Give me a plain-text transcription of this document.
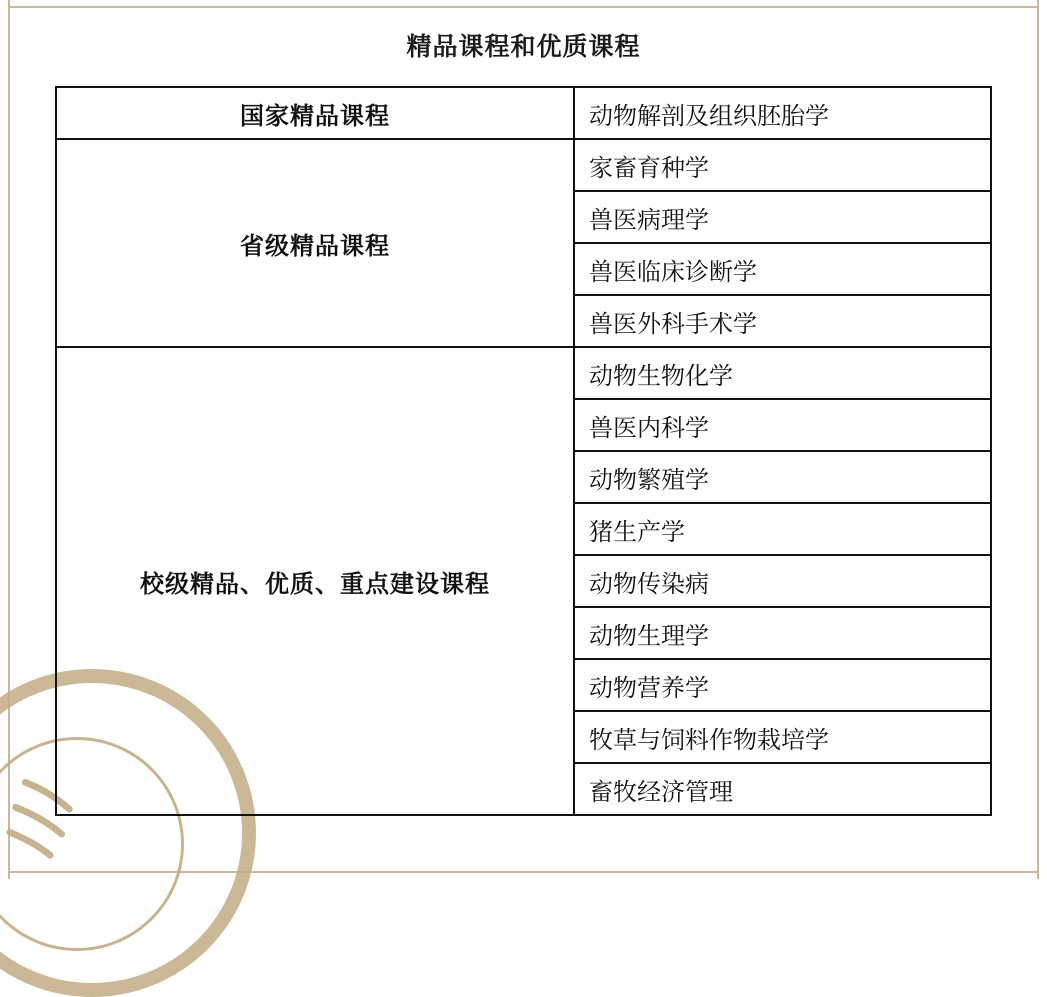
精品课程和优质课程
国家精品课程	动物解剖及组织胚胎学
省级精品课程	家畜育种学
	兽医病理学
	兽医临床诊断学
	兽医外科手术学
校级精品、优质、重点建设课程	动物生物化学
	兽医内科学
	动物繁殖学
	猪生产学
	动物传染病
	动物生理学
	动物营养学
	牧草与饲料作物栽培学
	畜牧经济管理
